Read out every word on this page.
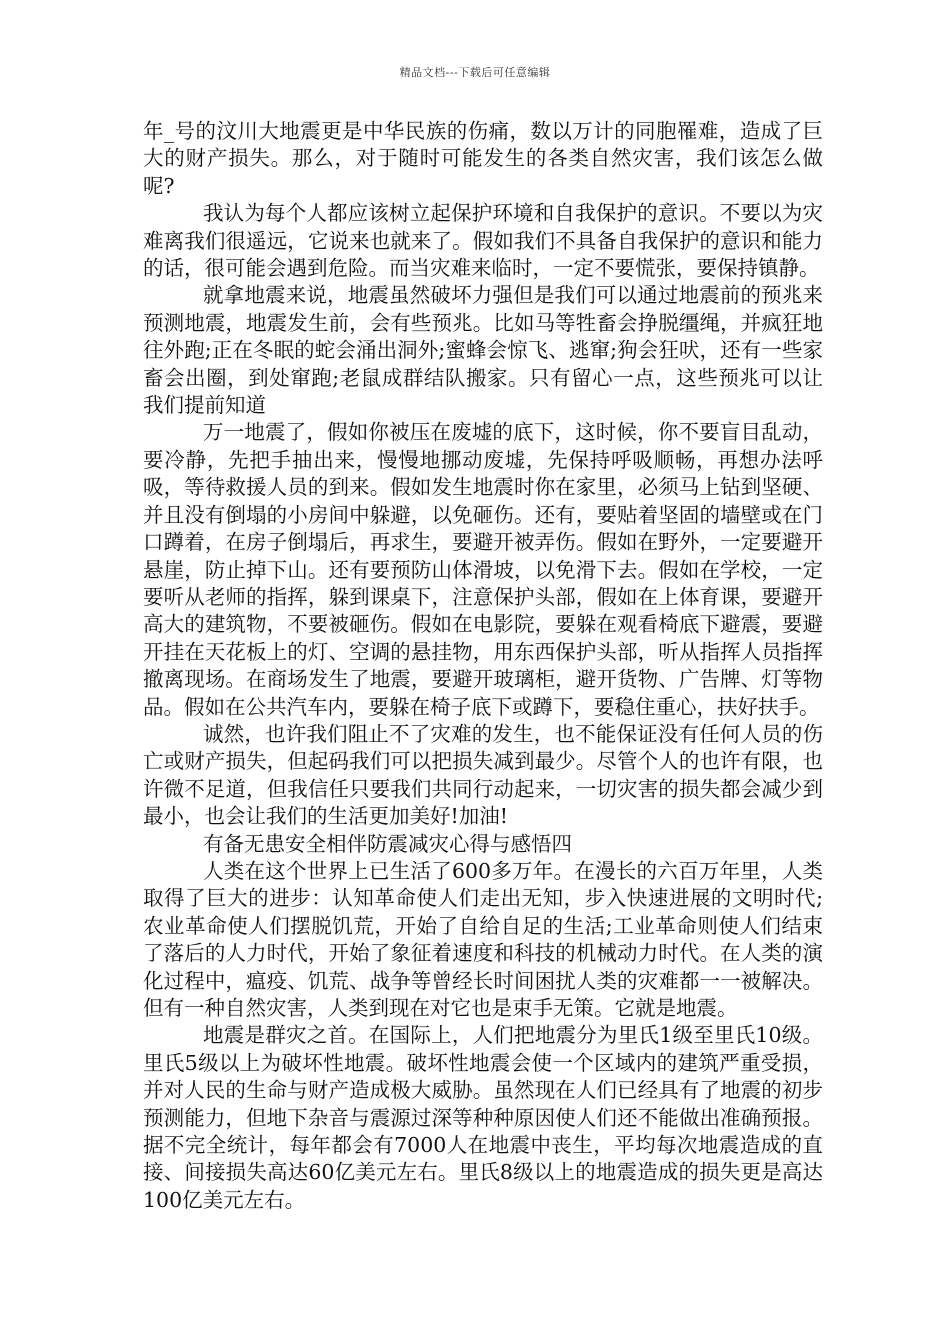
精品文档---下载后可任意编辑

年_号的汶川大地震更是中华民族的伤痛，数以万计的同胞罹难，造成了巨大的财产损失。那么，对于随时可能发生的各类自然灾害，我们该怎么做呢?

我认为每个人都应该树立起保护环境和自我保护的意识。不要以为灾难离我们很遥远，它说来也就来了。假如我们不具备自我保护的意识和能力的话，很可能会遇到危险。而当灾难来临时，一定不要慌张，要保持镇静。

就拿地震来说，地震虽然破坏力强但是我们可以通过地震前的预兆来预测地震，地震发生前，会有些预兆。比如马等牲畜会挣脱缰绳，并疯狂地往外跑;正在冬眠的蛇会涌出洞外;蜜蜂会惊飞、逃窜;狗会狂吠，还有一些家畜会出圈，到处窜跑;老鼠成群结队搬家。只有留心一点，这些预兆可以让我们提前知道

万一地震了，假如你被压在废墟的底下，这时候，你不要盲目乱动，要冷静，先把手抽出来，慢慢地挪动废墟，先保持呼吸顺畅，再想办法呼吸，等待救援人员的到来。假如发生地震时你在家里，必须马上钻到坚硬、并且没有倒塌的小房间中躲避，以免砸伤。还有，要贴着坚固的墙壁或在门口蹲着，在房子倒塌后，再求生，要避开被弄伤。假如在野外，一定要避开悬崖，防止掉下山。还有要预防山体滑坡，以免滑下去。假如在学校，一定要听从老师的指挥，躲到课桌下，注意保护头部，假如在上体育课，要避开高大的建筑物，不要被砸伤。假如在电影院，要躲在观看椅底下避震，要避开挂在天花板上的灯、空调的悬挂物，用东西保护头部，听从指挥人员指挥撤离现场。在商场发生了地震，要避开玻璃柜，避开货物、广告牌、灯等物品。假如在公共汽车内，要躲在椅子底下或蹲下，要稳住重心，扶好扶手。

诚然，也许我们阻止不了灾难的发生，也不能保证没有任何人员的伤亡或财产损失，但起码我们可以把损失减到最少。尽管个人的也许有限，也许微不足道，但我信任只要我们共同行动起来，一切灾害的损失都会减少到最小，也会让我们的生活更加美好!加油!

有备无患安全相伴防震减灾心得与感悟四

人类在这个世界上已生活了600多万年。在漫长的六百万年里，人类取得了巨大的进步：认知革命使人们走出无知，步入快速进展的文明时代;农业革命使人们摆脱饥荒，开始了自给自足的生活;工业革命则使人们结束了落后的人力时代，开始了象征着速度和科技的机械动力时代。在人类的演化过程中，瘟疫、饥荒、战争等曾经长时间困扰人类的灾难都一一被解决。但有一种自然灾害，人类到现在对它也是束手无策。它就是地震。

地震是群灾之首。在国际上，人们把地震分为里氏1级至里氏10级。里氏5级以上为破坏性地震。破坏性地震会使一个区域内的建筑严重受损，并对人民的生命与财产造成极大威胁。虽然现在人们已经具有了地震的初步预测能力，但地下杂音与震源过深等种种原因使人们还不能做出准确预报。据不完全统计，每年都会有7000人在地震中丧生，平均每次地震造成的直接、间接损失高达60亿美元左右。里氏8级以上的地震造成的损失更是高达100亿美元左右。
